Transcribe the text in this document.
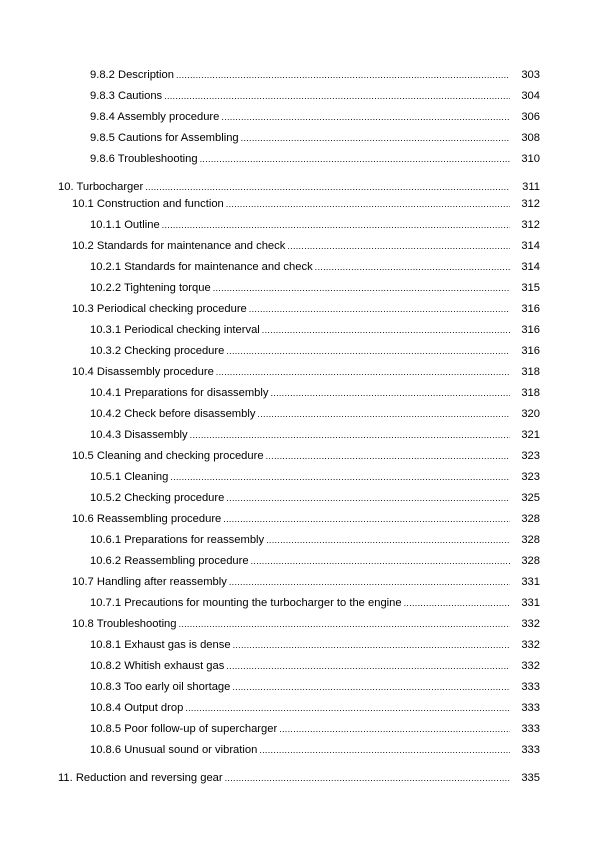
9.8.2 Description .....	303
9.8.3 Cautions .....	304
9.8.4 Assembly procedure .....	306
9.8.5 Cautions for Assembling .....	308
9.8.6 Troubleshooting .....	310
10. Turbocharger .....	311
10.1 Construction and function .....	312
10.1.1 Outline .....	312
10.2 Standards for maintenance and check .....	314
10.2.1 Standards for maintenance and check .....	314
10.2.2 Tightening torque .....	315
10.3 Periodical checking procedure .....	316
10.3.1 Periodical checking interval .....	316
10.3.2 Checking procedure .....	316
10.4 Disassembly procedure .....	318
10.4.1 Preparations for disassembly .....	318
10.4.2 Check before disassembly .....	320
10.4.3 Disassembly .....	321
10.5 Cleaning and checking procedure .....	323
10.5.1 Cleaning .....	323
10.5.2 Checking procedure .....	325
10.6 Reassembling procedure .....	328
10.6.1 Preparations for reassembly .....	328
10.6.2 Reassembling procedure .....	328
10.7 Handling after reassembly .....	331
10.7.1 Precautions for mounting the turbocharger to the engine .....	331
10.8 Troubleshooting .....	332
10.8.1 Exhaust gas is dense .....	332
10.8.2 Whitish exhaust gas .....	332
10.8.3 Too early oil shortage .....	333
10.8.4 Output drop .....	333
10.8.5 Poor follow-up of supercharger .....	333
10.8.6 Unusual sound or vibration .....	333
11. Reduction and reversing gear .....	335
